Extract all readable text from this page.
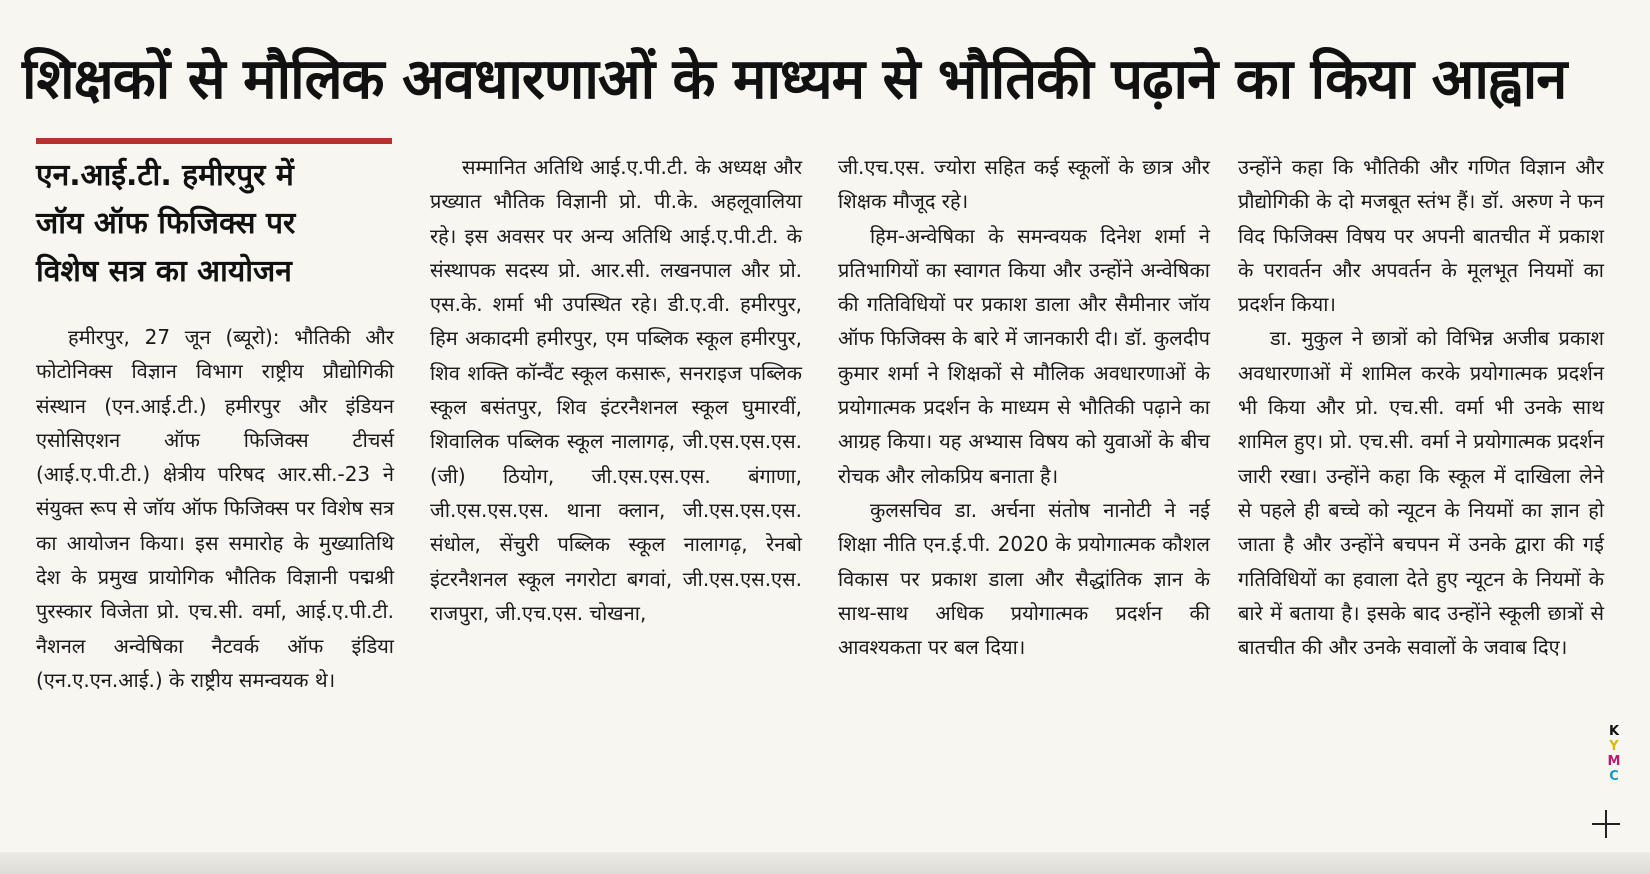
शिक्षकों से मौलिक अवधारणाओं के माध्यम से भौतिकी पढ़ाने का किया आह्वान
एन.आई.टी. हमीरपुर में
जॉय ऑफ फिजिक्स पर
विशेष सत्र का आयोजन

हमीरपुर, 27 जून (ब्यूरो): भौतिकी और फोटोनिक्स विज्ञान विभाग राष्ट्रीय प्रौद्योगिकी संस्थान (एन.आई.टी.) हमीरपुर और इंडियन एसोसिएशन ऑफ फिजिक्स टीचर्स (आई.ए.पी.टी.) क्षेत्रीय परिषद आर.सी.-23 ने संयुक्त रूप से जॉय ऑफ फिजिक्स पर विशेष सत्र का आयोजन किया। इस समारोह के मुख्यातिथि देश के प्रमुख प्रायोगिक भौतिक विज्ञानी पद्मश्री पुरस्कार विजेता प्रो. एच.सी. वर्मा, आई.ए.पी.टी. नैशनल अन्वेषिका नैटवर्क ऑफ इंडिया (एन.ए.एन.आई.) के राष्ट्रीय समन्वयक थे।

सम्मानित अतिथि आई.ए.पी.टी. के अध्यक्ष और प्रख्यात भौतिक विज्ञानी प्रो. पी.के. अहलूवालिया रहे। इस अवसर पर अन्य अतिथि आई.ए.पी.टी. के संस्थापक सदस्य प्रो. आर.सी. लखनपाल और प्रो. एस.के. शर्मा भी उपस्थित रहे। डी.ए.वी. हमीरपुर, हिम अकादमी हमीरपुर, एम पब्लिक स्कूल हमीरपुर, शिव शक्ति कॉन्वैंट स्कूल कसारू, सनराइज पब्लिक स्कूल बसंतपुर, शिव इंटरनैशनल स्कूल घुमारवीं, शिवालिक पब्लिक स्कूल नालागढ़, जी.एस.एस.एस. (जी) ठियोग, जी.एस.एस.एस. बंगाणा, जी.एस.एस.एस. थाना क्लान, जी.एस.एस.एस. संधोल, सेंचुरी पब्लिक स्कूल नालागढ़, रेनबो इंटरनैशनल स्कूल नगरोटा बगवां, जी.एस.एस.एस. राजपुरा, जी.एच.एस. चोखना,

जी.एच.एस. ज्योरा सहित कई स्कूलों के छात्र और शिक्षक मौजूद रहे।

हिम-अन्वेषिका के समन्वयक दिनेश शर्मा ने प्रतिभागियों का स्वागत किया और उन्होंने अन्वेषिका की गतिविधियों पर प्रकाश डाला और सैमीनार जॉय ऑफ फिजिक्स के बारे में जानकारी दी। डॉ. कुलदीप कुमार शर्मा ने शिक्षकों से मौलिक अवधारणाओं के प्रयोगात्मक प्रदर्शन के माध्यम से भौतिकी पढ़ाने का आग्रह किया। यह अभ्यास विषय को युवाओं के बीच रोचक और लोकप्रिय बनाता है।

कुलसचिव डा. अर्चना संतोष नानोटी ने नई शिक्षा नीति एन.ई.पी. 2020 के प्रयोगात्मक कौशल विकास पर प्रकाश डाला और सैद्धांतिक ज्ञान के साथ-साथ अधिक प्रयोगात्मक प्रदर्शन की आवश्यकता पर बल दिया।

उन्होंने कहा कि भौतिकी और गणित विज्ञान और प्रौद्योगिकी के दो मजबूत स्तंभ हैं। डॉ. अरुण ने फन विद फिजिक्स विषय पर अपनी बातचीत में प्रकाश के परावर्तन और अपवर्तन के मूलभूत नियमों का प्रदर्शन किया।

डा. मुकुल ने छात्रों को विभिन्न अजीब प्रकाश अवधारणाओं में शामिल करके प्रयोगात्मक प्रदर्शन भी किया और प्रो. एच.सी. वर्मा भी उनके साथ शामिल हुए। प्रो. एच.सी. वर्मा ने प्रयोगात्मक प्रदर्शन जारी रखा। उन्होंने कहा कि स्कूल में दाखिला लेने से पहले ही बच्चे को न्यूटन के नियमों का ज्ञान हो जाता है और उन्होंने बचपन में उनके द्वारा की गई गतिविधियों का हवाला देते हुए न्यूटन के नियमों के बारे में बताया है। इसके बाद उन्होंने स्कूली छात्रों से बातचीत की और उनके सवालों के जवाब दिए।

K
Y
M
C
